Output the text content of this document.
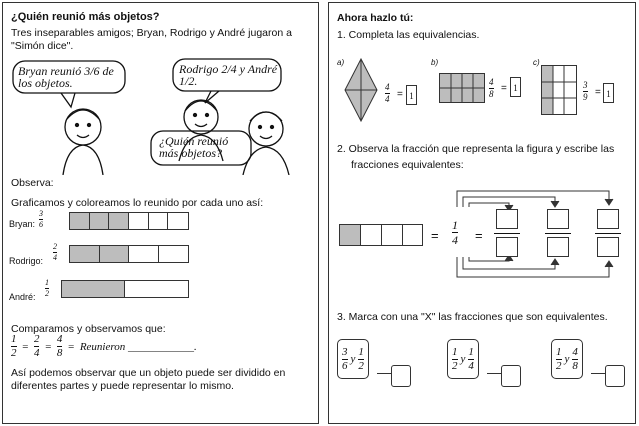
¿Quién reunió más objetos?
Tres inseparables amigos; Bryan, Rodrigo y André jugaron a "Simón dice".
Bryan reunió 3/6 de los objetos.
Rodrigo 2/4 y André 1/2.
¿Quién reunió más objetos?
Observa:
Graficamos y coloreamos lo reunido por cada uno así:
Bryan:
3
6
Rodrigo:
2
4
André:
1
2
Comparamos y observamos que:
$\frac{1}{2} = \frac{2}{4} = \frac{4}{8}$ = Reunieron ____________.
Así podemos observar que un objeto puede ser dividido en diferentes partes y puede representar lo mismo.
Ahora hazlo tú:
1. Completa las equivalencias.
a)
4
4 = 1
b)
4
8 = 1
c)
3
9 = 1
2. Observa la fracción que representa la figura y escribe las
fracciones equivalentes:
=
1
4 =
3. Marca con una "X" las fracciones que son equivalentes.
$\frac{3}{6}$ y $\frac{1}{2}$	$\frac{1}{2}$ y $\frac{1}{4}$	$\frac{1}{2}$ y $\frac{4}{8}$
